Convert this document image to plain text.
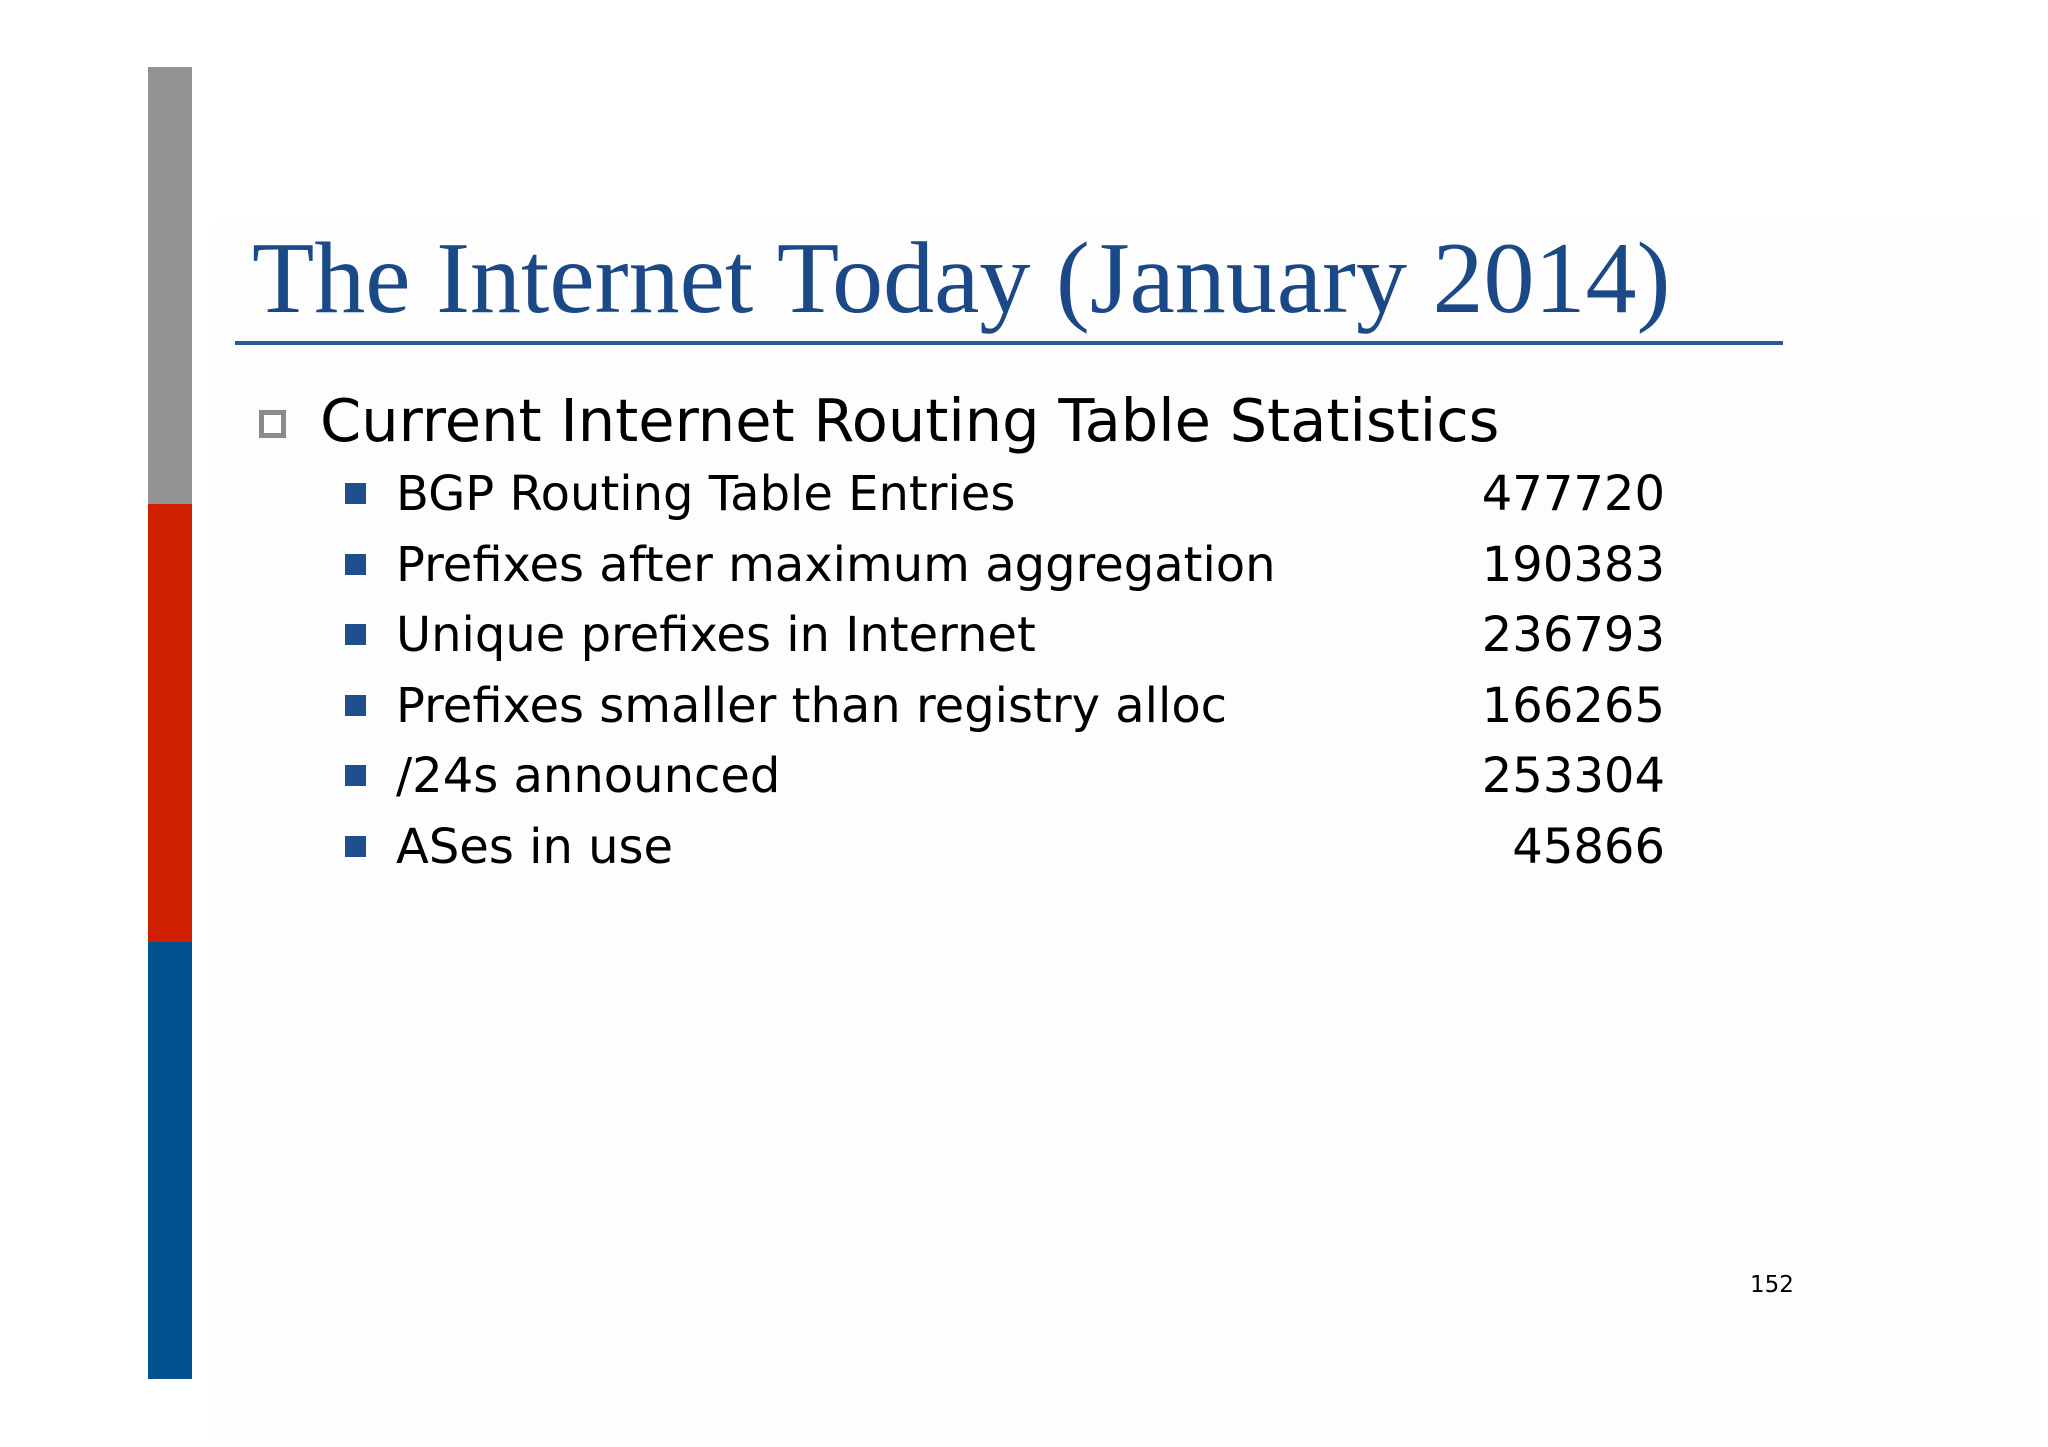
The Internet Today (January 2014)
Current Internet Routing Table Statistics
BGP Routing Table Entries	477720
Prefixes after maximum aggregation	190383
Unique prefixes in Internet	236793
Prefixes smaller than registry alloc	166265
/24s announced	253304
ASes in use	45866
152
